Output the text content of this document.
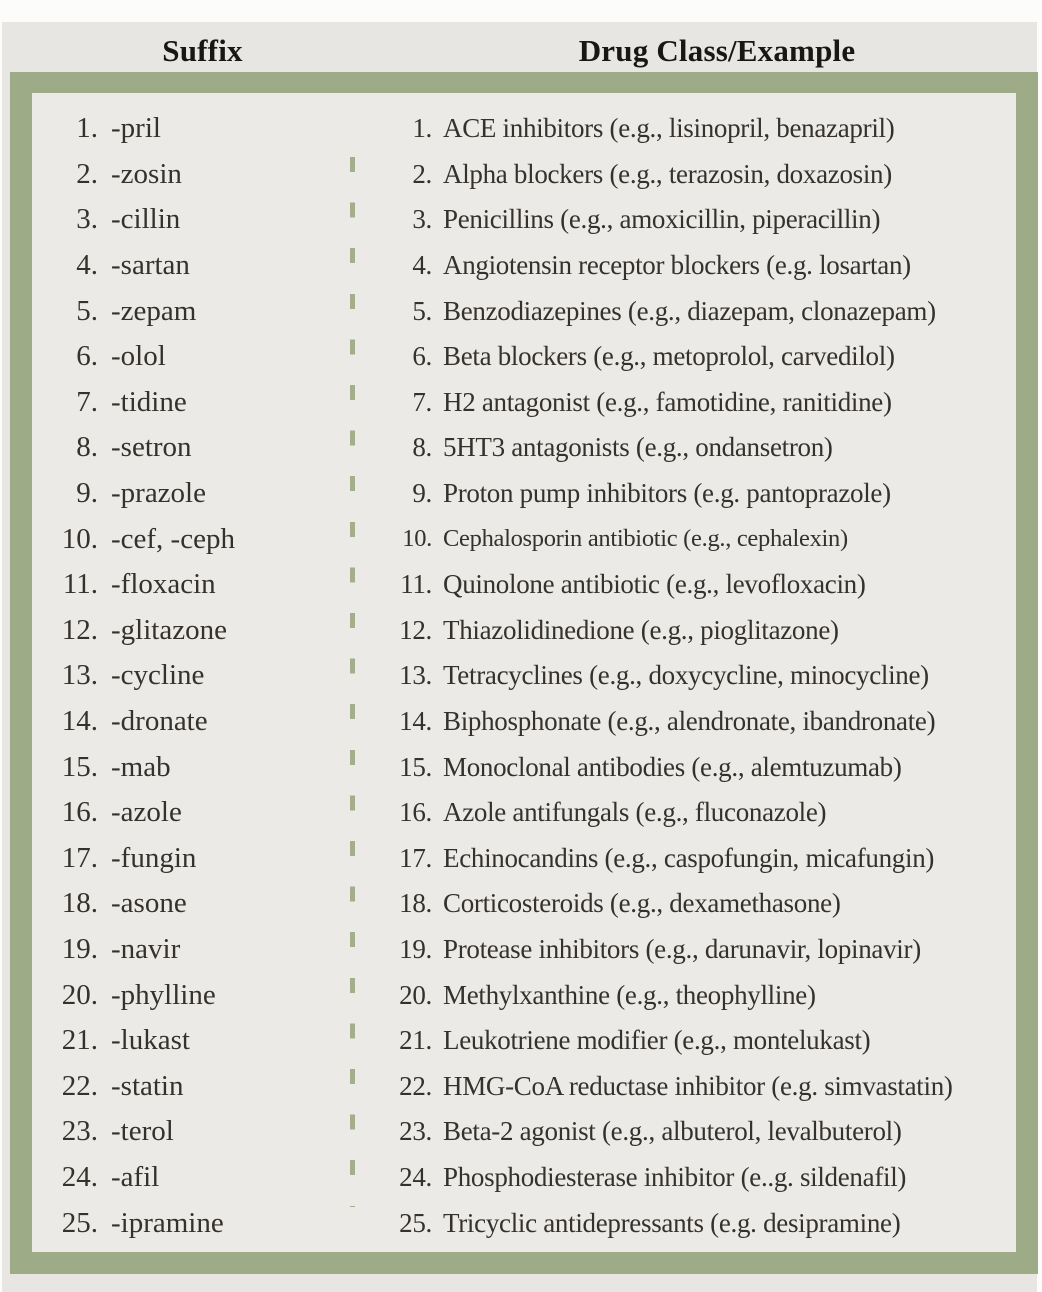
Suffix	Drug Class/Example
1. -pril	1. ACE inhibitors (e.g., lisinopril, benazapril)
2. -zosin	2. Alpha blockers (e.g., terazosin, doxazosin)
3. -cillin	3. Penicillins (e.g., amoxicillin, piperacillin)
4. -sartan	4. Angiotensin receptor blockers (e.g. losartan)
5. -zepam	5. Benzodiazepines (e.g., diazepam, clonazepam)
6. -olol	6. Beta blockers (e.g., metoprolol, carvedilol)
7. -tidine	7. H2 antagonist (e.g., famotidine, ranitidine)
8. -setron	8. 5HT3 antagonists (e.g., ondansetron)
9. -prazole	9. Proton pump inhibitors (e.g. pantoprazole)
10. -cef, -ceph	10. Cephalosporin antibiotic (e.g., cephalexin)
11. -floxacin	11. Quinolone antibiotic (e.g., levofloxacin)
12. -glitazone	12. Thiazolidinedione (e.g., pioglitazone)
13. -cycline	13. Tetracyclines (e.g., doxycycline, minocycline)
14. -dronate	14. Biphosphonate (e.g., alendronate, ibandronate)
15. -mab	15. Monoclonal antibodies (e.g., alemtuzumab)
16. -azole	16. Azole antifungals (e.g., fluconazole)
17. -fungin	17. Echinocandins (e.g., caspofungin, micafungin)
18. -asone	18. Corticosteroids (e.g., dexamethasone)
19. -navir	19. Protease inhibitors (e.g., darunavir, lopinavir)
20. -phylline	20. Methylxanthine (e.g., theophylline)
21. -lukast	21. Leukotriene modifier (e.g., montelukast)
22. -statin	22. HMG-CoA reductase inhibitor (e.g. simvastatin)
23. -terol	23. Beta-2 agonist (e.g., albuterol, levalbuterol)
24. -afil	24. Phosphodiesterase inhibitor (e..g. sildenafil)
25. -ipramine	25. Tricyclic antidepressants (e.g. desipramine)
